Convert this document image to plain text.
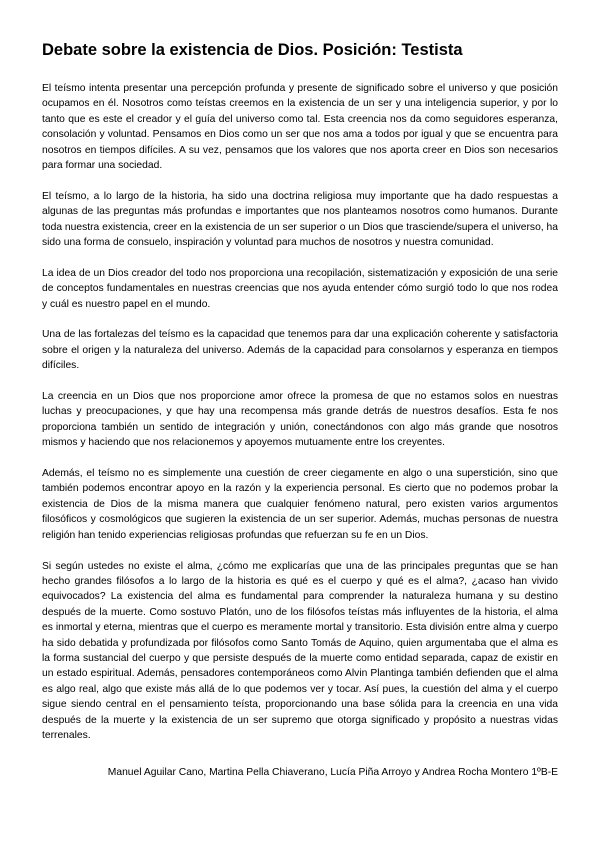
Debate sobre la existencia de Dios. Posición: Testista

El teísmo intenta presentar una percepción profunda y presente de significado sobre el universo y que posición ocupamos en él. Nosotros como teístas creemos en la existencia de un ser y una inteligencia superior, y por lo tanto que es este el creador y el guía del universo como tal. Esta creencia nos da como seguidores esperanza, consolación y voluntad. Pensamos en Dios como un ser que nos ama a todos por igual y que se encuentra para nosotros en tiempos difíciles. A su vez, pensamos que los valores que nos aporta creer en Dios son necesarios para formar una sociedad.

El teísmo, a lo largo de la historia, ha sido una doctrina religiosa muy importante que ha dado respuestas a algunas de las preguntas más profundas e importantes que nos planteamos nosotros como humanos. Durante toda nuestra existencia, creer en la existencia de un ser superior o un Dios que trasciende/supera el universo, ha sido una forma de consuelo, inspiración y voluntad para muchos de nosotros y nuestra comunidad.

La idea de un Dios creador del todo nos proporciona una recopilación, sistematización y exposición de una serie de conceptos fundamentales en nuestras creencias que nos ayuda entender cómo surgió todo lo que nos rodea y cuál es nuestro papel en el mundo.

Una de las fortalezas del teísmo es la capacidad que tenemos para dar una explicación coherente y satisfactoria sobre el origen y la naturaleza del universo. Además de la capacidad para consolarnos y esperanza en tiempos difíciles.

La creencia en un Dios que nos proporcione amor ofrece la promesa de que no estamos solos en nuestras luchas y preocupaciones, y que hay una recompensa más grande detrás de nuestros desafíos. Esta fe nos proporciona también un sentido de integración y unión, conectándonos con algo más grande que nosotros mismos y haciendo que nos relacionemos y apoyemos mutuamente entre los creyentes.

Además, el teísmo no es simplemente una cuestión de creer ciegamente en algo o una superstición, sino que también podemos encontrar apoyo en la razón y la experiencia personal. Es cierto que no podemos probar la existencia de Dios de la misma manera que cualquier fenómeno natural, pero existen varios argumentos filosóficos y cosmológicos que sugieren la existencia de un ser superior. Además, muchas personas de nuestra religión han tenido experiencias religiosas profundas que refuerzan su fe en un Dios.

Si según ustedes no existe el alma, ¿cómo me explicarías que una de las principales preguntas que se han hecho grandes filósofos a lo largo de la historia es qué es el cuerpo y qué es el alma?, ¿acaso han vivido equivocados? La existencia del alma es fundamental para comprender la naturaleza humana y su destino después de la muerte. Como sostuvo Platón, uno de los filósofos teístas más influyentes de la historia, el alma es inmortal y eterna, mientras que el cuerpo es meramente mortal y transitorio. Esta división entre alma y cuerpo ha sido debatida y profundizada por filósofos como Santo Tomás de Aquino, quien argumentaba que el alma es la forma sustancial del cuerpo y que persiste después de la muerte como entidad separada, capaz de existir en un estado espiritual. Además, pensadores contemporáneos como Alvin Plantinga también defienden que el alma es algo real, algo que existe más allá de lo que podemos ver y tocar. Así pues, la cuestión del alma y el cuerpo sigue siendo central en el pensamiento teísta, proporcionando una base sólida para la creencia en una vida después de la muerte y la existencia de un ser supremo que otorga significado y propósito a nuestras vidas terrenales.

Manuel Aguilar Cano, Martina Pella Chiaverano, Lucía Piña Arroyo y Andrea Rocha Montero 1ºB-E
